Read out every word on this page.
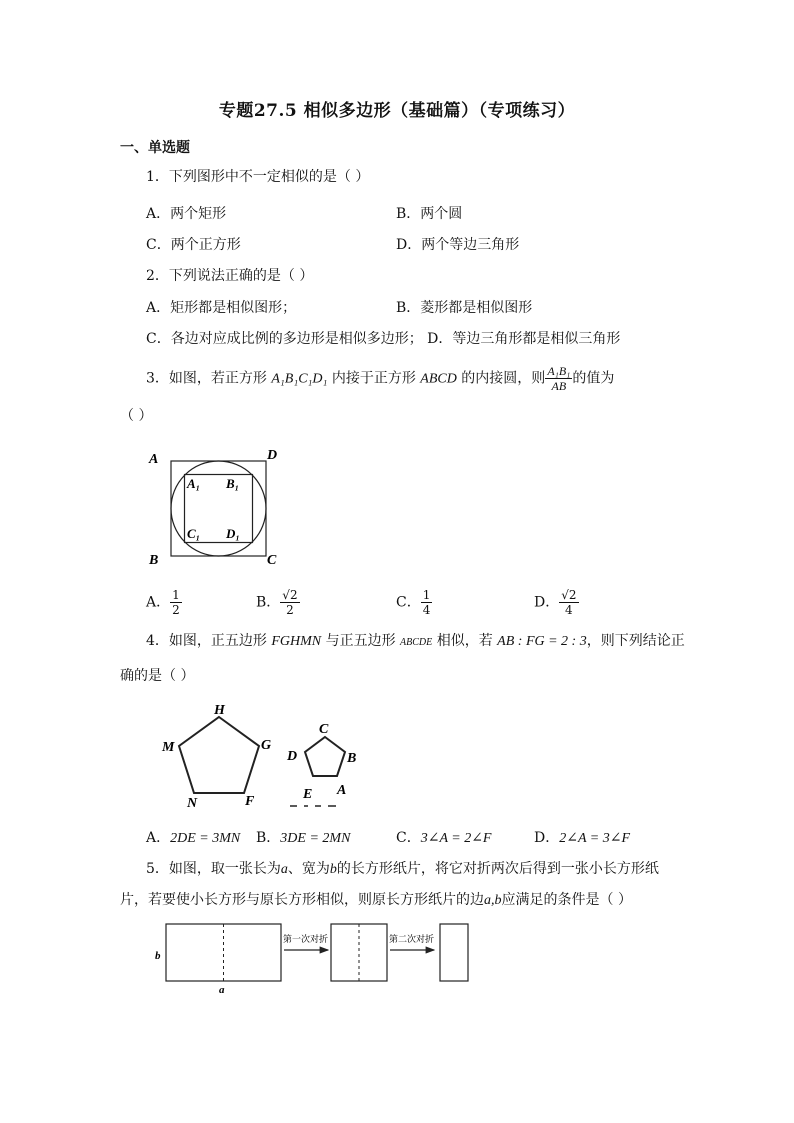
专题27.5 相似多边形（基础篇）（专项练习）
一、单选题
1．下列图形中不一定相似的是（ ）
A．两个矩形	B．两个圆
C．两个正方形	D．两个等边三角形
2．下列说法正确的是（ ）
A．矩形都是相似图形；	B．菱形都是相似图形
C．各边对应成比例的多边形是相似多边形； D．等边三角形都是相似三角形
3．如图，若正方形 A₁B₁C₁D₁ 内接于正方形 ABCD 的内接圆，则 $\frac{\text{A₁B₁}}{AB}$ 的值为
（ ）
A	D
B	C
A₁ B₁
C₁ D₁
A． $\frac{1}{2}$	B． $\frac{√2}{2}$	C． $\frac{1}{4}$	D． $\frac{√2}{4}$
4．如图，正五边形 FGHMN 与正五边形 ABCDE 相似，若 AB : FG = 2 : 3，则下列结论正
确的是（ ）
H
M	G
N	F
C
D	B
E A
A．2DE = 3MN B．3DE = 2MN	C．3∠A = 2∠F	D．2∠A = 3∠F
5．如图，取一张长为a、宽为b的长方形纸片，将它对折两次后得到一张小长方形纸
片，若要使小长方形与原长方形相似，则原长方形纸片的边a,b应满足的条件是（ ）
b
a
第一次对折	第二次对折
